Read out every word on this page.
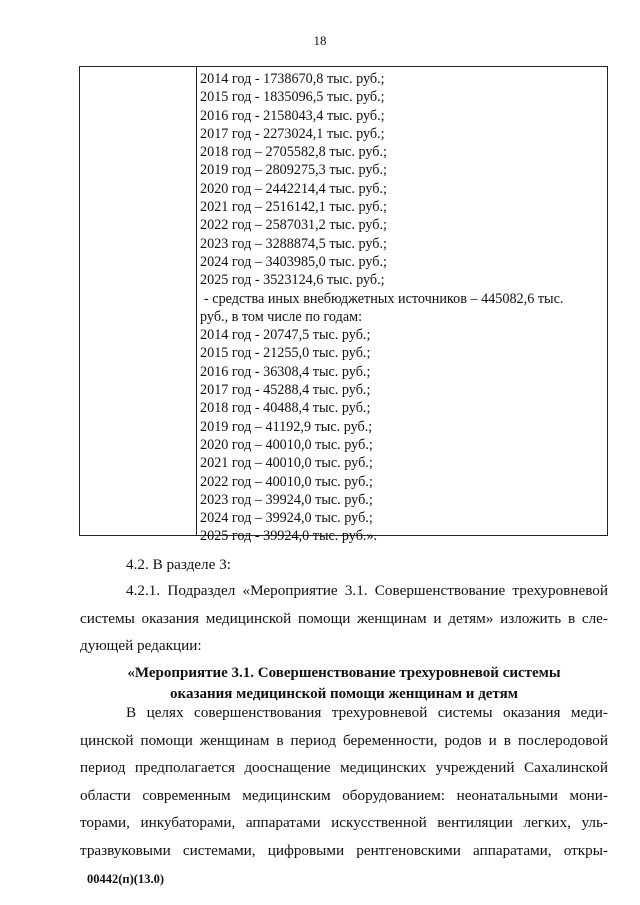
18
2014 год - 1738670,8 тыс. руб.;
2015 год - 1835096,5 тыс. руб.;
2016 год - 2158043,4 тыс. руб.;
2017 год - 2273024,1 тыс. руб.;
2018 год – 2705582,8 тыс. руб.;
2019 год – 2809275,3 тыс. руб.;
2020 год – 2442214,4 тыс. руб.;
2021 год – 2516142,1 тыс. руб.;
2022 год – 2587031,2 тыс. руб.;
2023 год – 3288874,5 тыс. руб.;
2024 год – 3403985,0 тыс. руб.;
2025 год - 3523124,6 тыс. руб.;
- средства иных внебюджетных источников – 445082,6 тыс.
руб., в том числе по годам:
2014 год - 20747,5 тыс. руб.;
2015 год - 21255,0 тыс. руб.;
2016 год - 36308,4 тыс. руб.;
2017 год - 45288,4 тыс. руб.;
2018 год - 40488,4 тыс. руб.;
2019 год – 41192,9 тыс. руб.;
2020 год – 40010,0 тыс. руб.;
2021 год – 40010,0 тыс. руб.;
2022 год – 40010,0 тыс. руб.;
2023 год – 39924,0 тыс. руб.;
2024 год – 39924,0 тыс. руб.;
2025 год - 39924,0 тыс. руб.».
4.2. В разделе 3:
4.2.1. Подраздел «Мероприятие 3.1. Совершенствование трехуровневой
системы оказания медицинской помощи женщинам и детям» изложить в сле-
дующей редакции:
«Мероприятие 3.1. Совершенствование трехуровневой системы
оказания медицинской помощи женщинам и детям
В целях совершенствования трехуровневой системы оказания меди-
цинской помощи женщинам в период беременности, родов и в послеродовой
период предполагается дооснащение медицинских учреждений Сахалинской
области современным медицинским оборудованием: неонатальными мони-
торами, инкубаторами, аппаратами искусственной вентиляции легких, уль-
тразвуковыми системами, цифровыми рентгеновскими аппаратами, откры-
00442(п)(13.0)
